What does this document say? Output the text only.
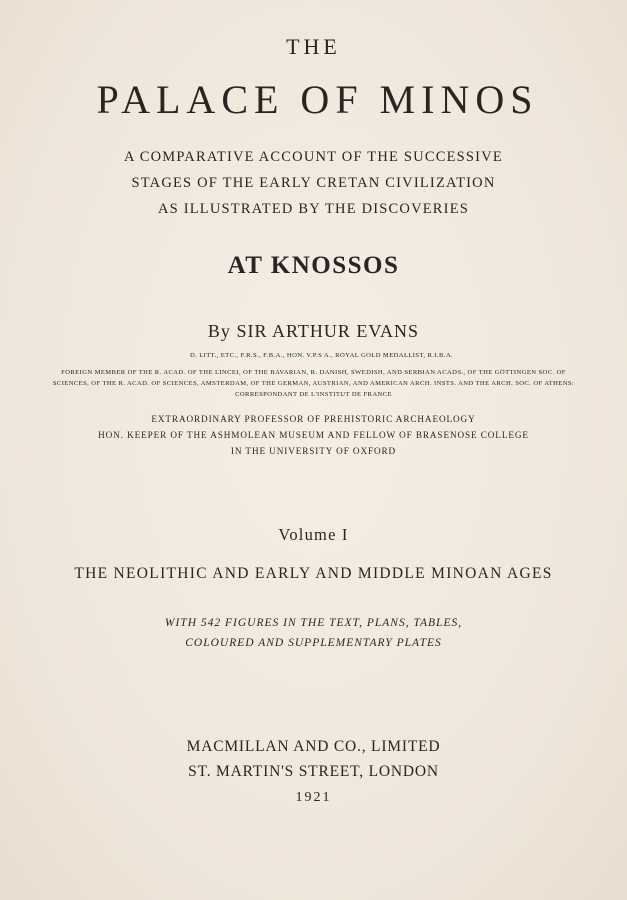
THE
PALACE OF MINOS
A COMPARATIVE ACCOUNT OF THE SUCCESSIVE
STAGES OF THE EARLY CRETAN CIVILIZATION
AS ILLUSTRATED BY THE DISCOVERIES
AT KNOSSOS
By SIR ARTHUR EVANS
D. LITT., ETC., F.R.S., F.B.A., HON. V.P.S A., ROYAL GOLD MEDALLIST, R.I.B.A.
FOREIGN MEMBER OF THE R. ACAD. OF THE LINCEI, OF THE BAVARIAN, R. DANISH, SWEDISH, AND SERBIAN ACADS., OF THE GÖTTINGEN SOC. OF
SCIENCES, OF THE R. ACAD. OF SCIENCES, AMSTERDAM, OF THE GERMAN, AUSTRIAN, AND AMERICAN ARCH. INSTS. AND THE ARCH. SOC. OF ATHENS:
CORRESPONDANT DE L'INSTITUT DE FRANCE
EXTRAORDINARY PROFESSOR OF PREHISTORIC ARCHAEOLOGY
HON. KEEPER OF THE ASHMOLEAN MUSEUM AND FELLOW OF BRASENOSE COLLEGE
IN THE UNIVERSITY OF OXFORD
Volume I
THE NEOLITHIC AND EARLY AND MIDDLE MINOAN AGES
WITH 542 FIGURES IN THE TEXT, PLANS, TABLES,
COLOURED AND SUPPLEMENTARY PLATES
MACMILLAN AND CO., LIMITED
ST. MARTIN'S STREET, LONDON
1921
